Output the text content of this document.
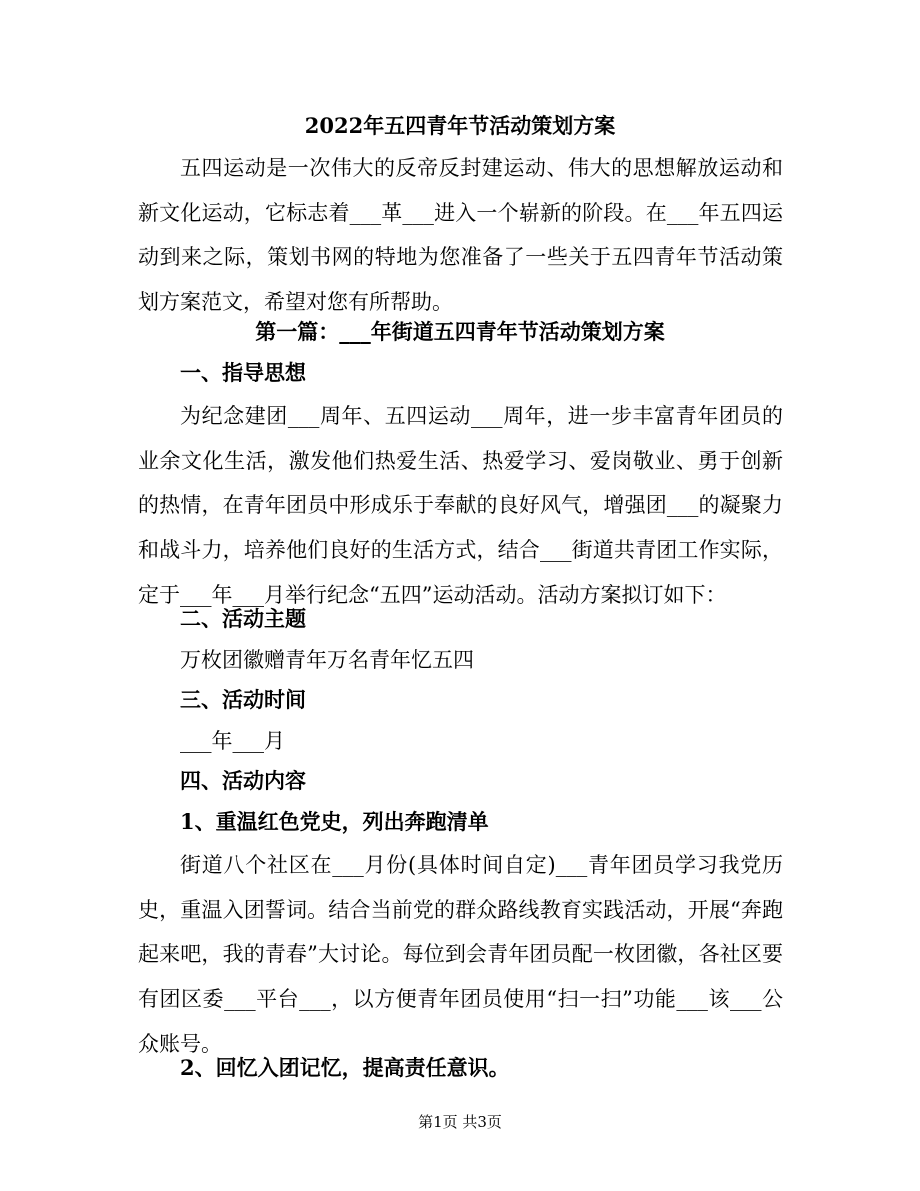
2022年五四青年节活动策划方案
五四运动是一次伟大的反帝反封建运动、伟大的思想解放运动和新文化运动，它标志着___革___进入一个崭新的阶段。在___年五四运动到来之际，策划书网的特地为您准备了一些关于五四青年节活动策划方案范文，希望对您有所帮助。
第一篇：___年街道五四青年节活动策划方案
一、指导思想
为纪念建团___周年、五四运动___周年，进一步丰富青年团员的业余文化生活，激发他们热爱生活、热爱学习、爱岗敬业、勇于创新的热情，在青年团员中形成乐于奉献的良好风气，增强团___的凝聚力和战斗力，培养他们良好的生活方式，结合___街道共青团工作实际，定于___年___月举行纪念“五四”运动活动。活动方案拟订如下：
二、活动主题
万枚团徽赠青年万名青年忆五四
三、活动时间
___年___月
四、活动内容
1、重温红色党史，列出奔跑清单
街道八个社区在___月份(具体时间自定)___青年团员学习我党历史，重温入团誓词。结合当前党的群众路线教育实践活动，开展“奔跑起来吧，我的青春”大讨论。每位到会青年团员配一枚团徽，各社区要有团区委___平台___，以方便青年团员使用“扫一扫”功能___该___公众账号。
2、回忆入团记忆，提高责任意识。
第1页 共3页
